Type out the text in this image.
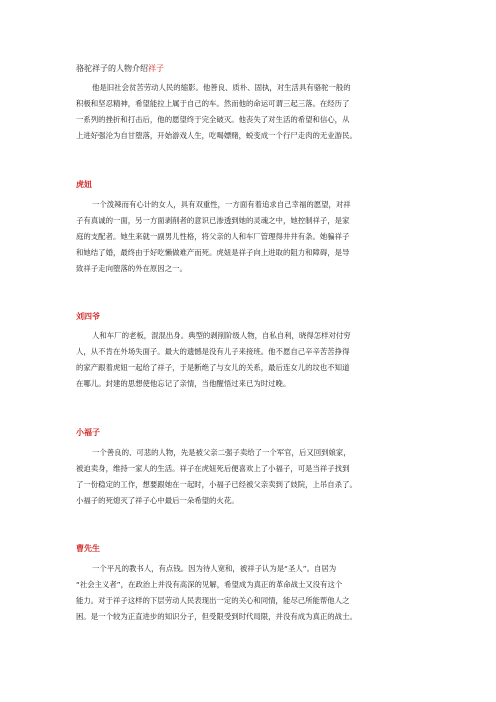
骆驼祥子的人物介绍祥子
他是旧社会贫苦劳动人民的缩影。他善良、质朴、固执，对生活具有骆驼一般的
积极和坚忍精神，希望能拉上属于自己的车。然而他的命运可谓三起三落。在经历了
一系列的挫折和打击后，他的愿望终于完全破灭。他丧失了对生活的希望和信心，从
上进好强沦为自甘堕落，开始游戏人生，吃喝嫖赌，蜕变成一个行尸走肉的无业游民。
虎妞
一个泼辣而有心计的女人，具有双重性，一方面有着追求自己幸福的愿望，对祥
子有真诚的一面，另一方面剥削者的意识已渗透到她的灵魂之中，她控制祥子，是家
庭的支配者。她生来就一副男儿性格，将父亲的人和车厂管理得井井有条。她骗祥子
和她结了婚，最终由于好吃懒做难产而死。虎妞是祥子向上进取的阻力和障碍，是导
致祥子走向堕落的外在原因之一。
刘四爷
人和车厂的老板，混混出身。典型的剥削阶级人物，自私自利，晓得怎样对付穷
人，从不肯在外场失面子。最大的遗憾是没有儿子来接班。他不愿自己辛辛苦苦挣得
的家产跟着虎妞一起给了祥子，于是断绝了与女儿的关系，最后连女儿的坟也不知道
在哪儿。封建的思想使他忘记了亲情，当他醒悟过来已为时过晚。
小福子
一个善良的、可悲的人物，先是被父亲二强子卖给了一个军官，后又回到娘家，
被迫卖身，维持一家人的生活。祥子在虎妞死后便喜欢上了小福子，可是当祥子找到
了一份稳定的工作，想要跟她在一起时，小福子已经被父亲卖到了妓院，上吊自杀了。
小福子的死熄灭了祥子心中最后一朵希望的火花。
曹先生
一个平凡的教书人，有点钱。因为待人宽和，被祥子认为是“圣人”。自居为
“社会主义者”，在政治上并没有高深的见解，希望成为真正的革命战士又没有这个
能力。对于祥子这样的下层劳动人民表现出一定的关心和同情，能尽己所能帮他人之
困。是一个较为正直进步的知识分子，但受限受到时代局限，并没有成为真正的战士。
